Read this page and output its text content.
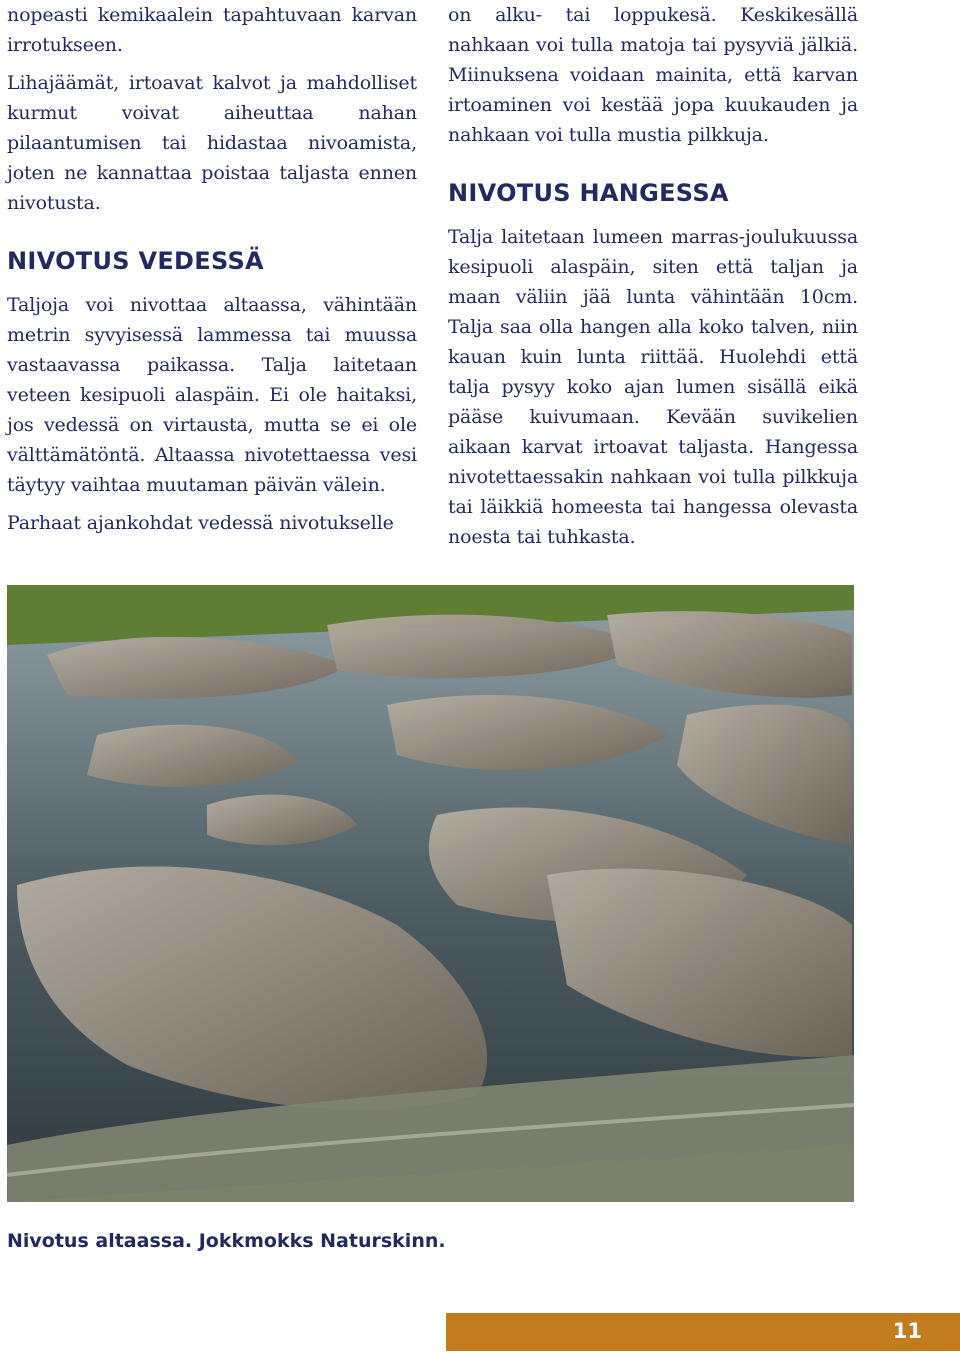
nopeasti kemikaalein tapahtuvaan karvan irrotukseen.

Lihajäämät, irtoavat kalvot ja mahdolliset kurmut voivat aiheuttaa nahan pilaantumisen tai hidastaa nivoamista, joten ne kannattaa poistaa taljasta ennen nivotusta.

NIVOTUS VEDESSÄ

Taljoja voi nivottaa altaassa, vähintään metrin syvyisessä lammessa tai muussa vastaavassa paikassa. Talja laitetaan veteen kesipuoli alaspäin. Ei ole haitaksi, jos vedessä on virtausta, mutta se ei ole välttämätöntä. Altaassa nivotettaessa vesi täytyy vaihtaa muutaman päivän välein.

Parhaat ajankohdat vedessä nivotukselle

on alku- tai loppukesä. Keskikesällä nahkaan voi tulla matoja tai pysyviä jälkiä. Miinuksena voidaan mainita, että karvan irtoaminen voi kestää jopa kuukauden ja nahkaan voi tulla mustia pilkkuja.

NIVOTUS HANGESSA

Talja laitetaan lumeen marras-joulukuussa kesipuoli alaspäin, siten että taljan ja maan väliin jää lunta vähintään 10cm. Talja saa olla hangen alla koko talven, niin kauan kuin lunta riittää. Huolehdi että talja pysyy koko ajan lumen sisällä eikä pääse kuivumaan. Kevään suvikelien aikaan karvat irtoavat taljasta. Hangessa nivotettaessakin nahkaan voi tulla pilkkuja tai läikkiä homeesta tai hangessa olevasta noesta tai tuhkasta.

Nivotus altaassa. Jokkmokks Naturskinn.
11
